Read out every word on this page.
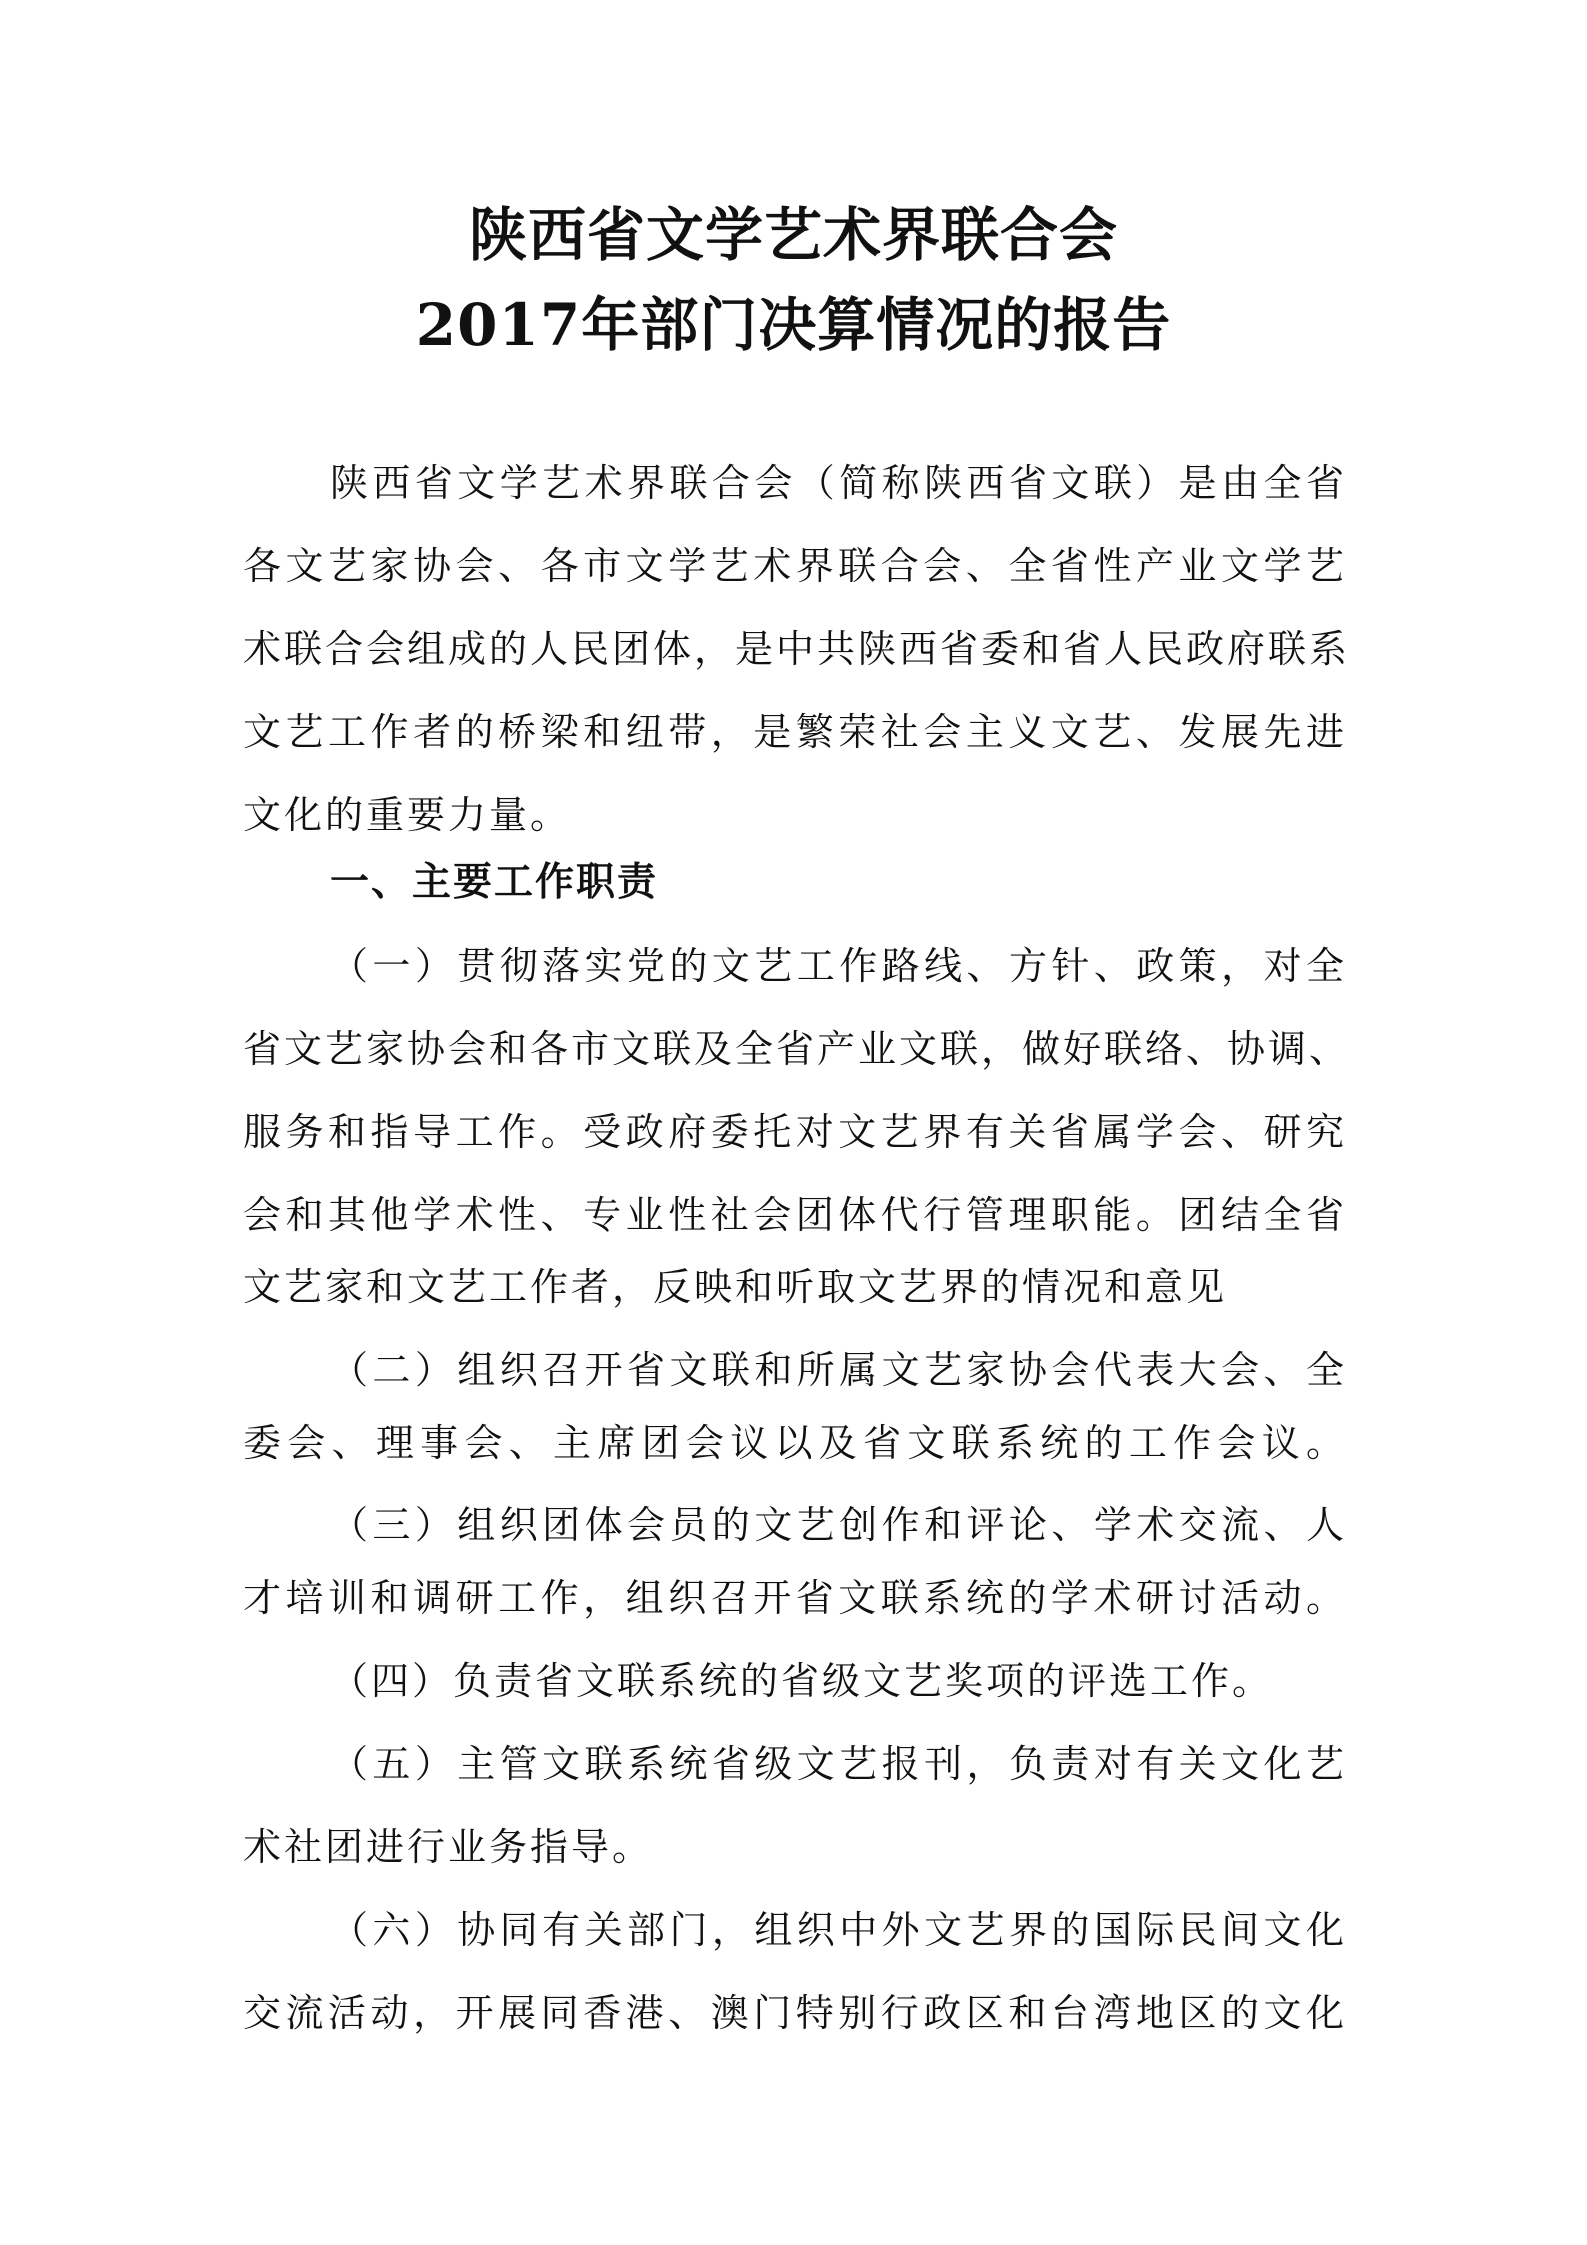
陕西省文学艺术界联合会
2017年部门决算情况的报告

陕西省文学艺术界联合会（简称陕西省文联）是由全省

各文艺家协会、各市文学艺术界联合会、全省性产业文学艺

术联合会组成的人民团体，是中共陕西省委和省人民政府联系

文艺工作者的桥梁和纽带，是繁荣社会主义文艺、发展先进

文化的重要力量。

一、主要工作职责

（一）贯彻落实党的文艺工作路线、方针、政策，对全

省文艺家协会和各市文联及全省产业文联，做好联络、协调、

服务和指导工作。受政府委托对文艺界有关省属学会、研究

会和其他学术性、专业性社会团体代行管理职能。团结全省

文艺家和文艺工作者，反映和听取文艺界的情况和意见

（二）组织召开省文联和所属文艺家协会代表大会、全

委会、理事会、主席团会议以及省文联系统的工作会议。

（三）组织团体会员的文艺创作和评论、学术交流、人

才培训和调研工作，组织召开省文联系统的学术研讨活动。

（四）负责省文联系统的省级文艺奖项的评选工作。

（五）主管文联系统省级文艺报刊，负责对有关文化艺

术社团进行业务指导。

（六）协同有关部门，组织中外文艺界的国际民间文化

交流活动，开展同香港、澳门特别行政区和台湾地区的文化
